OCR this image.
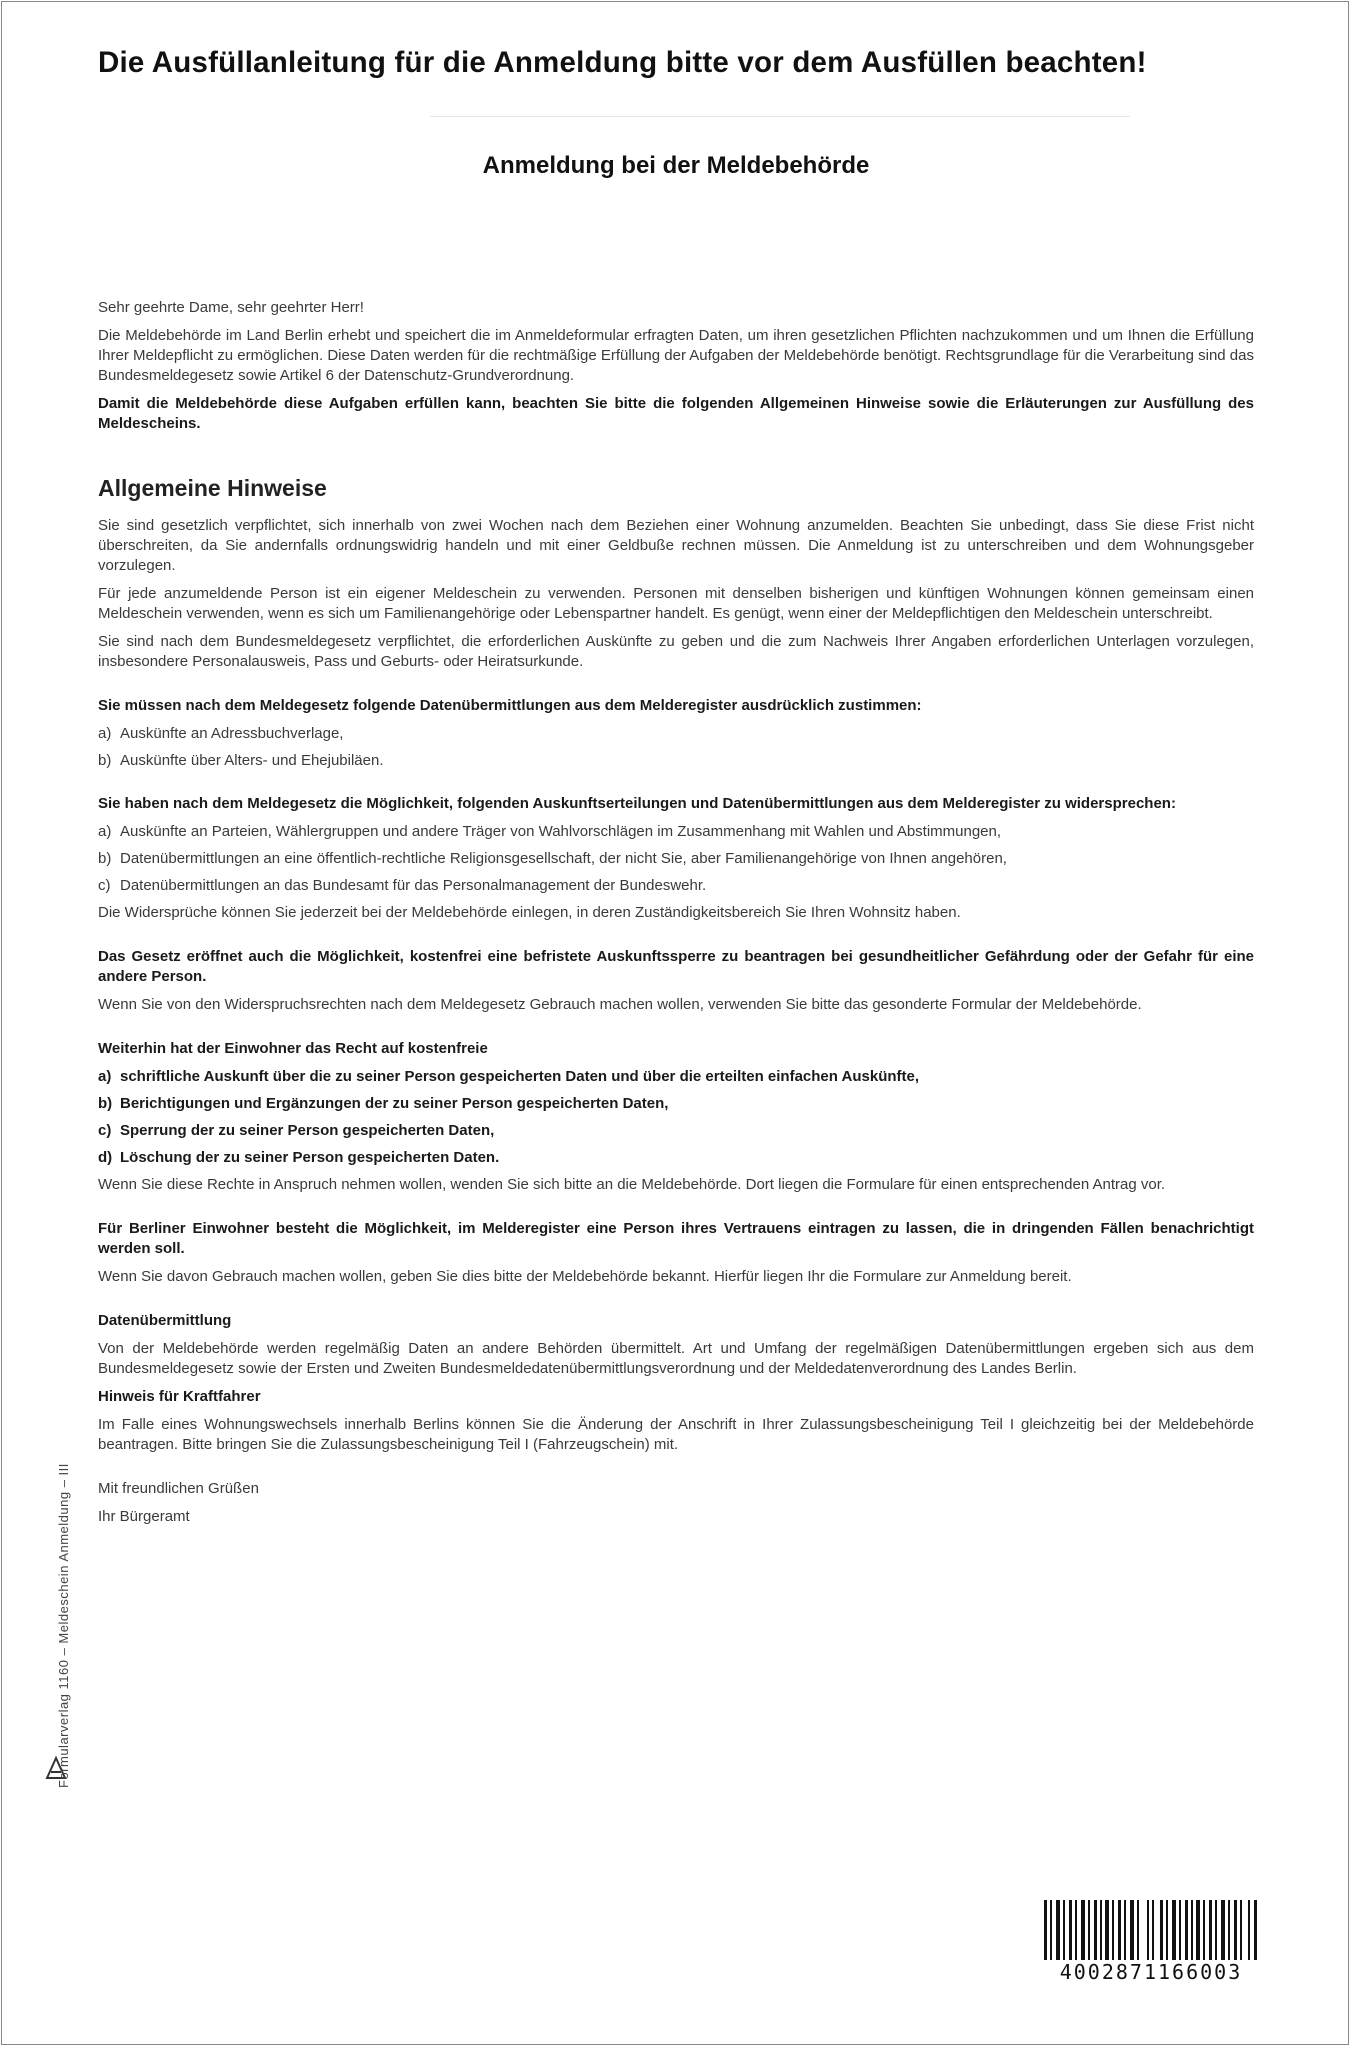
Die Ausfüllanleitung für die Anmeldung bitte vor dem Ausfüllen beachten!
Anmeldung bei der Meldebehörde

Sehr geehrte Dame, sehr geehrter Herr!

Die Meldebehörde im Land Berlin erhebt und speichert die im Anmeldeformular erfragten Daten, um ihren gesetzlichen Pflichten nachzukommen und um Ihnen die Erfüllung Ihrer Meldepflicht zu ermöglichen. Diese Daten werden für die rechtmäßige Erfüllung der Aufgaben der Meldebehörde benötigt. Rechtsgrundlage für die Verarbeitung sind das Bundesmeldegesetz sowie Artikel 6 der Datenschutz-Grundverordnung.

Damit die Meldebehörde diese Aufgaben erfüllen kann, beachten Sie bitte die folgenden Allgemeinen Hinweise sowie die Erläuterungen zur Ausfüllung des Meldescheins.

Allgemeine Hinweise

Sie sind gesetzlich verpflichtet, sich innerhalb von zwei Wochen nach dem Beziehen einer Wohnung anzumelden. Beachten Sie unbedingt, dass Sie diese Frist nicht überschreiten, da Sie andernfalls ordnungswidrig handeln und mit einer Geldbuße rechnen müssen. Die Anmeldung ist zu unterschreiben und dem Wohnungsgeber vorzulegen.

Für jede anzumeldende Person ist ein eigener Meldeschein zu verwenden. Personen mit denselben bisherigen und künftigen Wohnungen können gemeinsam einen Meldeschein verwenden, wenn es sich um Familienangehörige oder Lebenspartner handelt. Es genügt, wenn einer der Meldepflichtigen den Meldeschein unterschreibt.

Sie sind nach dem Bundesmeldegesetz verpflichtet, die erforderlichen Auskünfte zu geben und die zum Nachweis Ihrer Angaben erforderlichen Unterlagen vorzulegen, insbesondere Personalausweis, Pass und Geburts- oder Heiratsurkunde.

Sie müssen nach dem Meldegesetz folgende Datenübermittlungen aus dem Melderegister ausdrücklich zustimmen:

a) Auskünfte an Adressbuchverlage,
b) Auskünfte über Alters- und Ehejubiläen.

Sie haben nach dem Meldegesetz die Möglichkeit, folgenden Auskunftserteilungen und Datenübermittlungen aus dem Melderegister zu widersprechen:

a) Auskünfte an Parteien, Wählergruppen und andere Träger von Wahlvorschlägen im Zusammenhang mit Wahlen und Abstimmungen,
b) Datenübermittlungen an eine öffentlich-rechtliche Religionsgesellschaft, der nicht Sie, aber Familienangehörige von Ihnen angehören,
c) Datenübermittlungen an das Bundesamt für das Personalmanagement der Bundeswehr.

Die Widersprüche können Sie jederzeit bei der Meldebehörde einlegen, in deren Zuständigkeitsbereich Sie Ihren Wohnsitz haben.

Das Gesetz eröffnet auch die Möglichkeit, kostenfrei eine befristete Auskunftssperre zu beantragen bei gesundheitlicher Gefährdung oder der Gefahr für eine andere Person.

Wenn Sie von den Widerspruchsrechten nach dem Meldegesetz Gebrauch machen wollen, verwenden Sie bitte das gesonderte Formular der Meldebehörde.

Weiterhin hat der Einwohner das Recht auf kostenfreie

a) schriftliche Auskunft über die zu seiner Person gespeicherten Daten und über die erteilten einfachen Auskünfte,
b) Berichtigungen und Ergänzungen der zu seiner Person gespeicherten Daten,
c) Sperrung der zu seiner Person gespeicherten Daten,
d) Löschung der zu seiner Person gespeicherten Daten.

Wenn Sie diese Rechte in Anspruch nehmen wollen, wenden Sie sich bitte an die Meldebehörde. Dort liegen die Formulare für einen entsprechenden Antrag vor.

Für Berliner Einwohner besteht die Möglichkeit, im Melderegister eine Person ihres Vertrauens eintragen zu lassen, die in dringenden Fällen benachrichtigt werden soll.

Wenn Sie davon Gebrauch machen wollen, geben Sie dies bitte der Meldebehörde bekannt. Hierfür liegen Ihr die Formulare zur Anmeldung bereit.

Datenübermittlung

Von der Meldebehörde werden regelmäßig Daten an andere Behörden übermittelt. Art und Umfang der regelmäßigen Datenübermittlungen ergeben sich aus dem Bundesmeldegesetz sowie der Ersten und Zweiten Bundesmeldedatenübermittlungsverordnung und der Meldedatenverordnung des Landes Berlin.

Hinweis für Kraftfahrer

Im Falle eines Wohnungswechsels innerhalb Berlins können Sie die Änderung der Anschrift in Ihrer Zulassungsbescheinigung Teil I gleichzeitig bei der Meldebehörde beantragen. Bitte bringen Sie die Zulassungsbescheinigung Teil I (Fahrzeugschein) mit.

Mit freundlichen Grüßen

Ihr Bürgeramt

Formularverlag 1160 – Meldeschein Anmeldung – III
4002871166003
